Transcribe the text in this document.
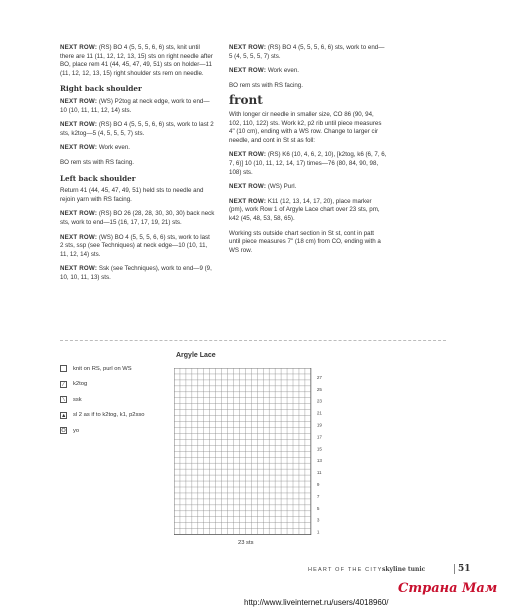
NEXT ROW: (RS) BO 4 (5, 5, 5, 6, 6) sts, knit until there are 11 (11, 12, 12, 13, 15) sts on right needle after BO, place rem 41 (44, 45, 47, 49, 51) sts on holder—11 (11, 12, 12, 13, 15) right shoulder sts rem on needle.
Right back shoulder
NEXT ROW: (WS) P2tog at neck edge, work to end—10 (10, 11, 11, 12, 14) sts.
NEXT ROW: (RS) BO 4 (5, 5, 5, 6, 6) sts, work to last 2 sts, k2tog—5 (4, 5, 5, 5, 7) sts.
NEXT ROW: Work even.
BO rem sts with RS facing.
Left back shoulder
Return 41 (44, 45, 47, 49, 51) held sts to needle and rejoin yarn with RS facing.
NEXT ROW: (RS) BO 26 (28, 28, 30, 30, 30) back neck sts, work to end—15 (16, 17, 17, 19, 21) sts.
NEXT ROW: (WS) BO 4 (5, 5, 5, 6, 6) sts, work to last 2 sts, ssp (see Techniques) at neck edge—10 (10, 11, 11, 12, 14) sts.
NEXT ROW: Ssk (see Techniques), work to end—9 (9, 10, 10, 11, 13) sts.
NEXT ROW: (RS) BO 4 (5, 5, 5, 6, 6) sts, work to end—5 (4, 5, 5, 5, 7) sts.
NEXT ROW: Work even.
BO rem sts with RS facing.
front
With longer cir needle in smaller size, CO 86 (90, 94, 102, 110, 122) sts. Work k2, p2 rib until piece measures 4" (10 cm), ending with a WS row. Change to larger cir needle, and cont in St st as foll:
NEXT ROW: (RS) K6 (10, 4, 6, 2, 10), [k2tog, k6 (6, 7, 6, 7, 6)] 10 (10, 11, 12, 14, 17) times—76 (80, 84, 90, 98, 108) sts.
NEXT ROW: (WS) Purl.
NEXT ROW: K11 (12, 13, 14, 17, 20), place marker (pm), work Row 1 of Argyle Lace chart over 23 sts, pm, k42 (45, 48, 53, 58, 65).
Working sts outside chart section in St st, cont in patt until piece measures 7" (18 cm) from CO, ending with a WS row.
knit on RS, purl on WS
⁄	k2tog
⁄	ssk
▲ sl 2 as if to k2tog, k1, p2sso
O yo
Argyle Lace
27
25
23
21
19
17
15
13
11
9
7
5
3
1
23 sts
HEART OF THE CITY skyline tunic	51
http://www.liveinternet.ru/users/4018960/
Страна Мам
